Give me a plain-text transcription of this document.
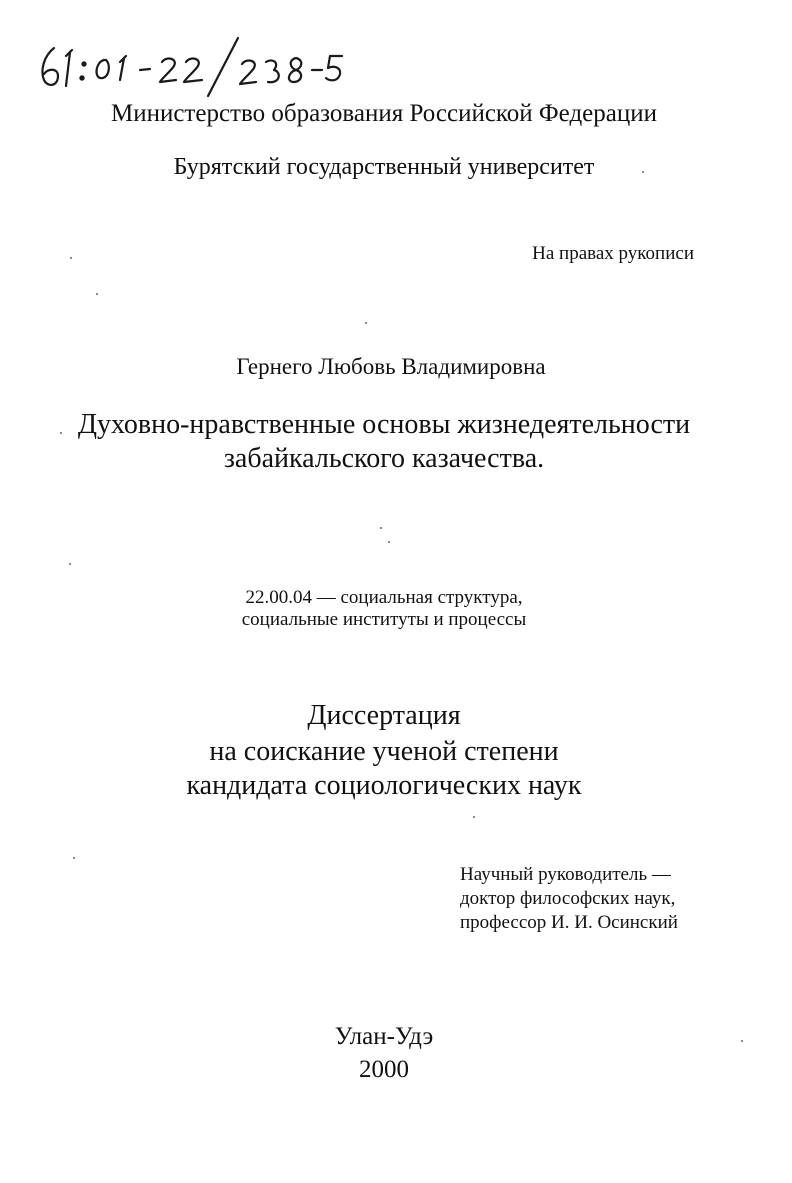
Министерство образования Российской Федерации
Бурятский государственный университет
На правах рукописи
Гернего Любовь Владимировна
Духовно-нравственные основы жизнедеятельности
забайкальского казачества.
22.00.04 — социальная структура,
социальные институты и процессы
Диссертация
на соискание ученой степени
кандидата социологических наук
Научный руководитель —
доктор философских наук,
профессор И. И. Осинский
Улан-Удэ
2000
